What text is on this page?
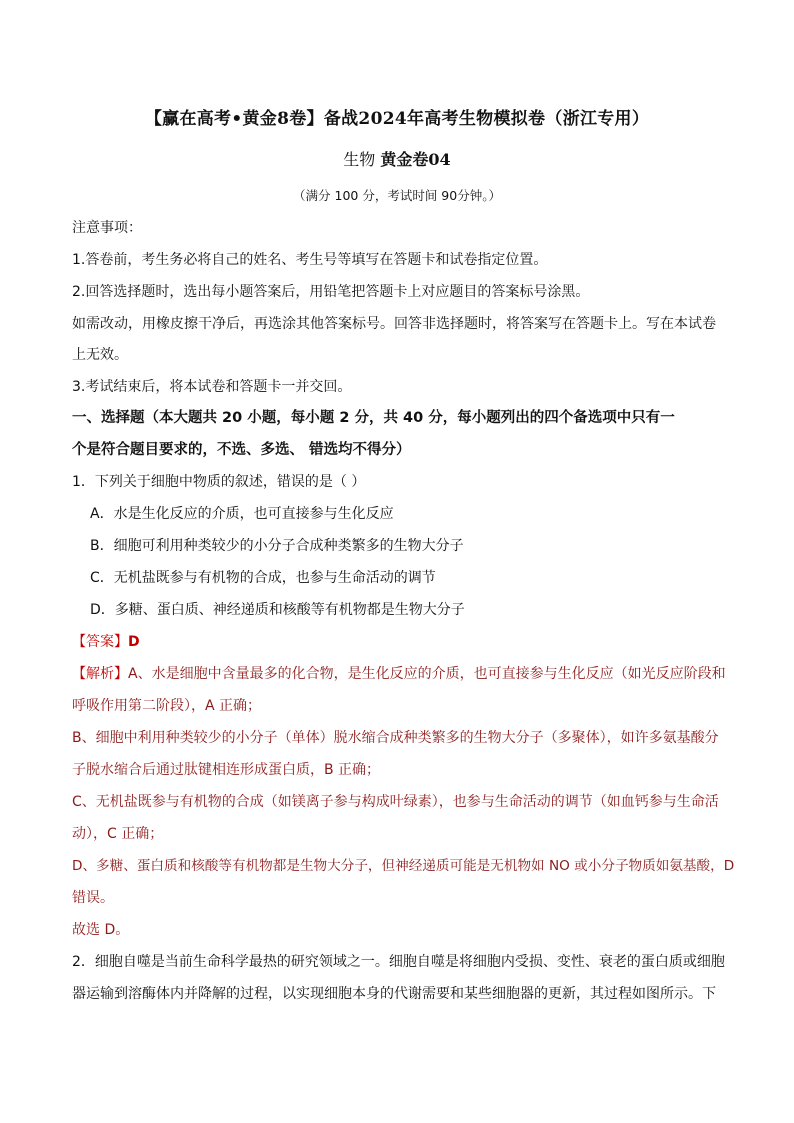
【赢在高考•黄金8卷】备战2024年高考生物模拟卷（浙江专用）
生物 黄金卷04
（满分 100 分，考试时间 90分钟。）
注意事项：
1.答卷前，考生务必将自己的姓名、考生号等填写在答题卡和试卷指定位置。
2.回答选择题时，选出每小题答案后，用铅笔把答题卡上对应题目的答案标号涂黑。
如需改动，用橡皮擦干净后，再选涂其他答案标号。回答非选择题时，将答案写在答题卡上。写在本试卷
上无效。
3.考试结束后，将本试卷和答题卡一并交回。
一、选择题（本大题共 20 小题，每小题 2 分，共 40 分，每小题列出的四个备选项中只有一
个是符合题目要求的，不选、多选、 错选均不得分）
1．下列关于细胞中物质的叙述，错误的是（ ）
A．水是生化反应的介质，也可直接参与生化反应
B．细胞可利用种类较少的小分子合成种类繁多的生物大分子
C．无机盐既参与有机物的合成，也参与生命活动的调节
D．多糖、蛋白质、神经递质和核酸等有机物都是生物大分子
【答案】D
【解析】A、水是细胞中含量最多的化合物，是生化反应的介质，也可直接参与生化反应（如光反应阶段和
呼吸作用第二阶段），A 正确；
B、细胞中利用种类较少的小分子（单体）脱水缩合成种类繁多的生物大分子（多聚体），如许多氨基酸分
子脱水缩合后通过肽键相连形成蛋白质，B 正确；
C、无机盐既参与有机物的合成（如镁离子参与构成叶绿素），也参与生命活动的调节（如血钙参与生命活
动），C 正确；
D、多糖、蛋白质和核酸等有机物都是生物大分子，但神经递质可能是无机物如 NO 或小分子物质如氨基酸，D
错误。
故选 D。
2．细胞自噬是当前生命科学最热的研究领域之一。细胞自噬是将细胞内受损、变性、衰老的蛋白质或细胞
器运输到溶酶体内并降解的过程，以实现细胞本身的代谢需要和某些细胞器的更新，其过程如图所示。下
